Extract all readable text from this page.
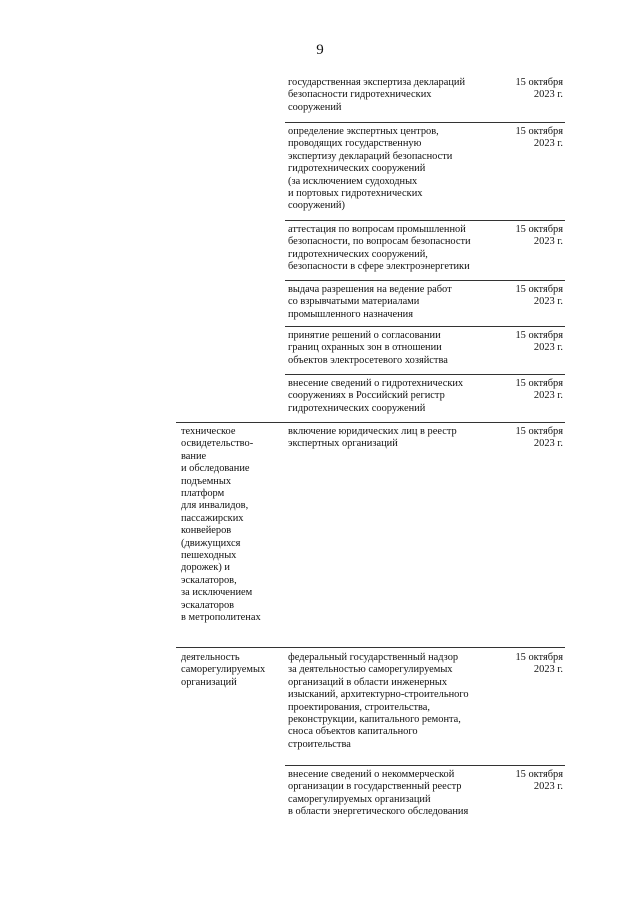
9
государственная экспертиза деклараций
безопасности гидротехнических
сооружений
15 октября
2023 г.
определение экспертных центров,
проводящих государственную
экспертизу деклараций безопасности
гидротехнических сооружений
(за исключением судоходных
и портовых гидротехнических
сооружений)
15 октября
2023 г.
аттестация по вопросам промышленной
безопасности, по вопросам безопасности
гидротехнических сооружений,
безопасности в сфере электроэнергетики
15 октября
2023 г.
выдача разрешения на ведение работ
со взрывчатыми материалами
промышленного назначения
15 октября
2023 г.
принятие решений о согласовании
границ охранных зон в отношении
объектов электросетевого хозяйства
15 октября
2023 г.
внесение сведений о гидротехнических
сооружениях в Российский регистр
гидротехнических сооружений
15 октября
2023 г.
техническое
освидетельство-
вание
и обследование
подъемных
платформ
для инвалидов,
пассажирских
конвейеров
(движущихся
пешеходных
дорожек) и
эскалаторов,
за исключением
эскалаторов
в метрополитенах
включение юридических лиц в реестр
экспертных организаций
15 октября
2023 г.
деятельность
саморегулируемых
организаций
федеральный государственный надзор
за деятельностью саморегулируемых
организаций в области инженерных
изысканий, архитектурно-строительного
проектирования, строительства,
реконструкции, капитального ремонта,
сноса объектов капитального
строительства
15 октября
2023 г.
внесение сведений о некоммерческой
организации в государственный реестр
саморегулируемых организаций
в области энергетического обследования
15 октября
2023 г.
